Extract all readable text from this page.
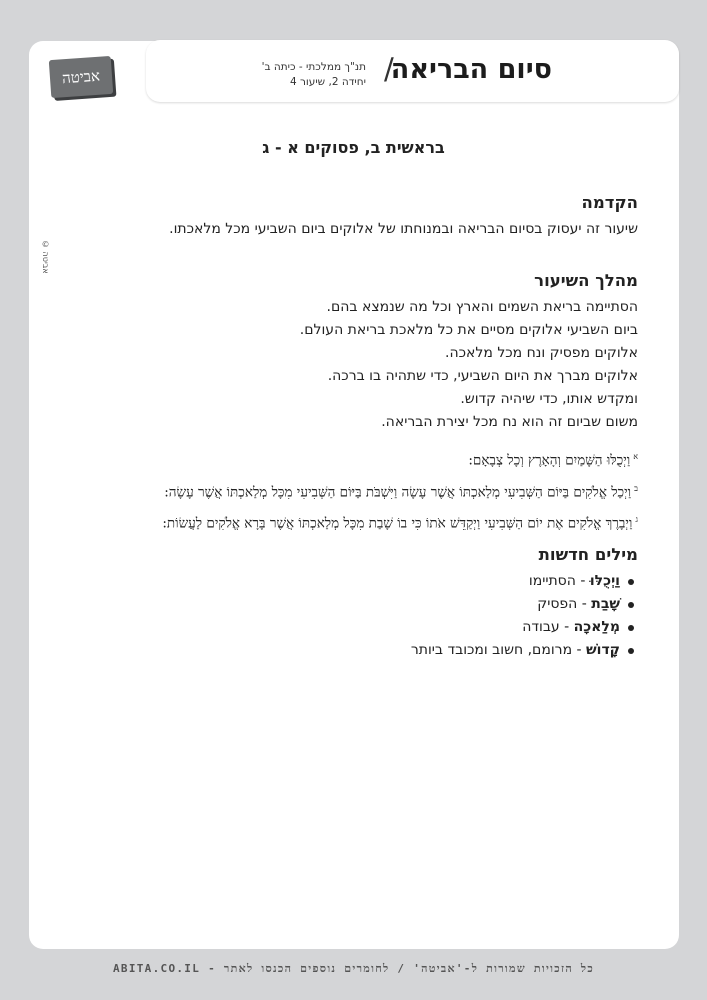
אביטה	סיום הבריאה
/
תנ"ך ממלכתי - כיתה ב'
יחידה 2, שיעור 4
אביטה ©
בראשית ב, פסוקים א - ג
הקדמה

שיעור זה יעסוק בסיום הבריאה ובמנוחתו של אלוקים ביום השביעי מכל מלאכתו.

מהלך השיעור

הסתיימה בריאת השמים והארץ וכל מה שנמצא בהם.

ביום השביעי אלוקים מסיים את כל מלאכת בריאת העולם.

אלוקים מפסיק ונח מכל מלאכה.

אלוקים מברך את היום השביעי, כדי שתהיה בו ברכה.

ומקדש אותו, כדי שיהיה קדוש.

משום שביום זה הוא נח מכל יצירת הבריאה.

$^א$וַיְכֻלּוּ הַשָּׁמַיִם וְהָאָרֶץ וְכָל צְבָאָם:
$^ב$וַיְכַל אֱלֹקִים בַּיּוֹם הַשְּׁבִיעִי מְלַאכְתּוֹ אֲשֶׁר עָשָׂה וַיִּשְׁבֹּת בַּיּוֹם הַשְּׁבִיעִי מִכָּל מְלַאכְתּוֹ אֲשֶׁר עָשָׂה:
$^ג$וַיְבָרֶךְ אֱלֹקִים אֶת יוֹם הַשְּׁבִיעִי וַיְקַדֵּשׁ אֹתוֹ כִּי בוֹ שָׁבַת מִכָּל מְלַאכְתּוֹ אֲשֶׁר בָּרָא אֱלֹקִים לַעֲשׂוֹת:
מילים חדשות
וַיְכֻלּוּ - הסתיימו
שָׁבַת - הפסיק
מְלַאכָה - עבודה
קָדוֹשׁ - מרומם, חשוב ומכובד ביותר
כל הזכויות שמורות ל-'אביטה' / לחומרים נוספים הכנסו לאתר - ABITA.CO.IL
